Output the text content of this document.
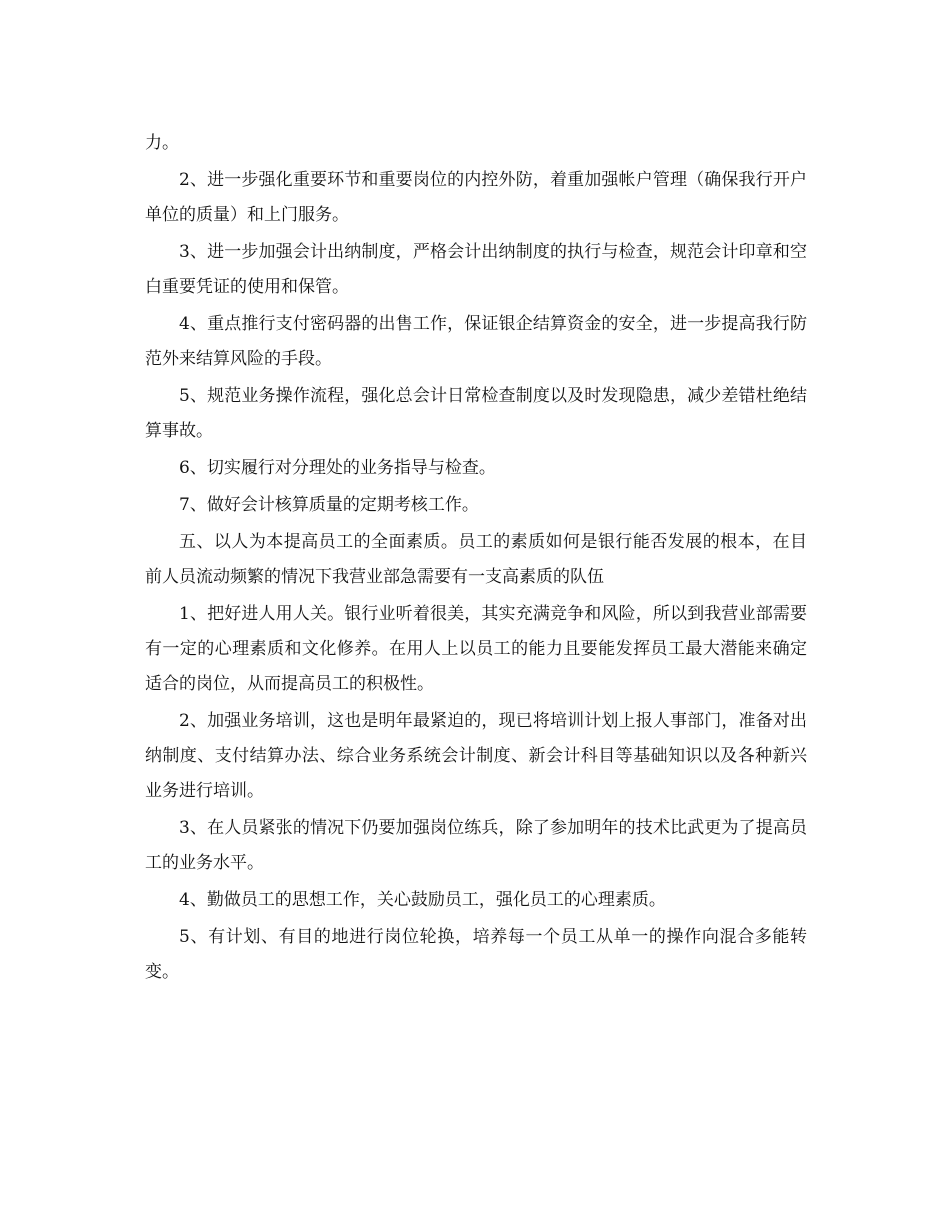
力。

2、进一步强化重要环节和重要岗位的内控外防，着重加强帐户管理（确保我行开户单位的质量）和上门服务。

3、进一步加强会计出纳制度，严格会计出纳制度的执行与检查，规范会计印章和空白重要凭证的使用和保管。

4、重点推行支付密码器的出售工作，保证银企结算资金的安全，进一步提高我行防范外来结算风险的手段。

5、规范业务操作流程，强化总会计日常检查制度以及时发现隐患，减少差错杜绝结算事故。

6、切实履行对分理处的业务指导与检查。

7、做好会计核算质量的定期考核工作。

五、以人为本提高员工的全面素质。员工的素质如何是银行能否发展的根本，在目前人员流动频繁的情况下我营业部急需要有一支高素质的队伍

1、把好进人用人关。银行业听着很美，其实充满竞争和风险，所以到我营业部需要有一定的心理素质和文化修养。在用人上以员工的能力且要能发挥员工最大潜能来确定适合的岗位，从而提高员工的积极性。

2、加强业务培训，这也是明年最紧迫的，现已将培训计划上报人事部门，准备对出纳制度、支付结算办法、综合业务系统会计制度、新会计科目等基础知识以及各种新兴业务进行培训。

3、在人员紧张的情况下仍要加强岗位练兵，除了参加明年的技术比武更为了提高员工的业务水平。

4、勤做员工的思想工作，关心鼓励员工，强化员工的心理素质。

5、有计划、有目的地进行岗位轮换，培养每一个员工从单一的操作向混合多能转变。
